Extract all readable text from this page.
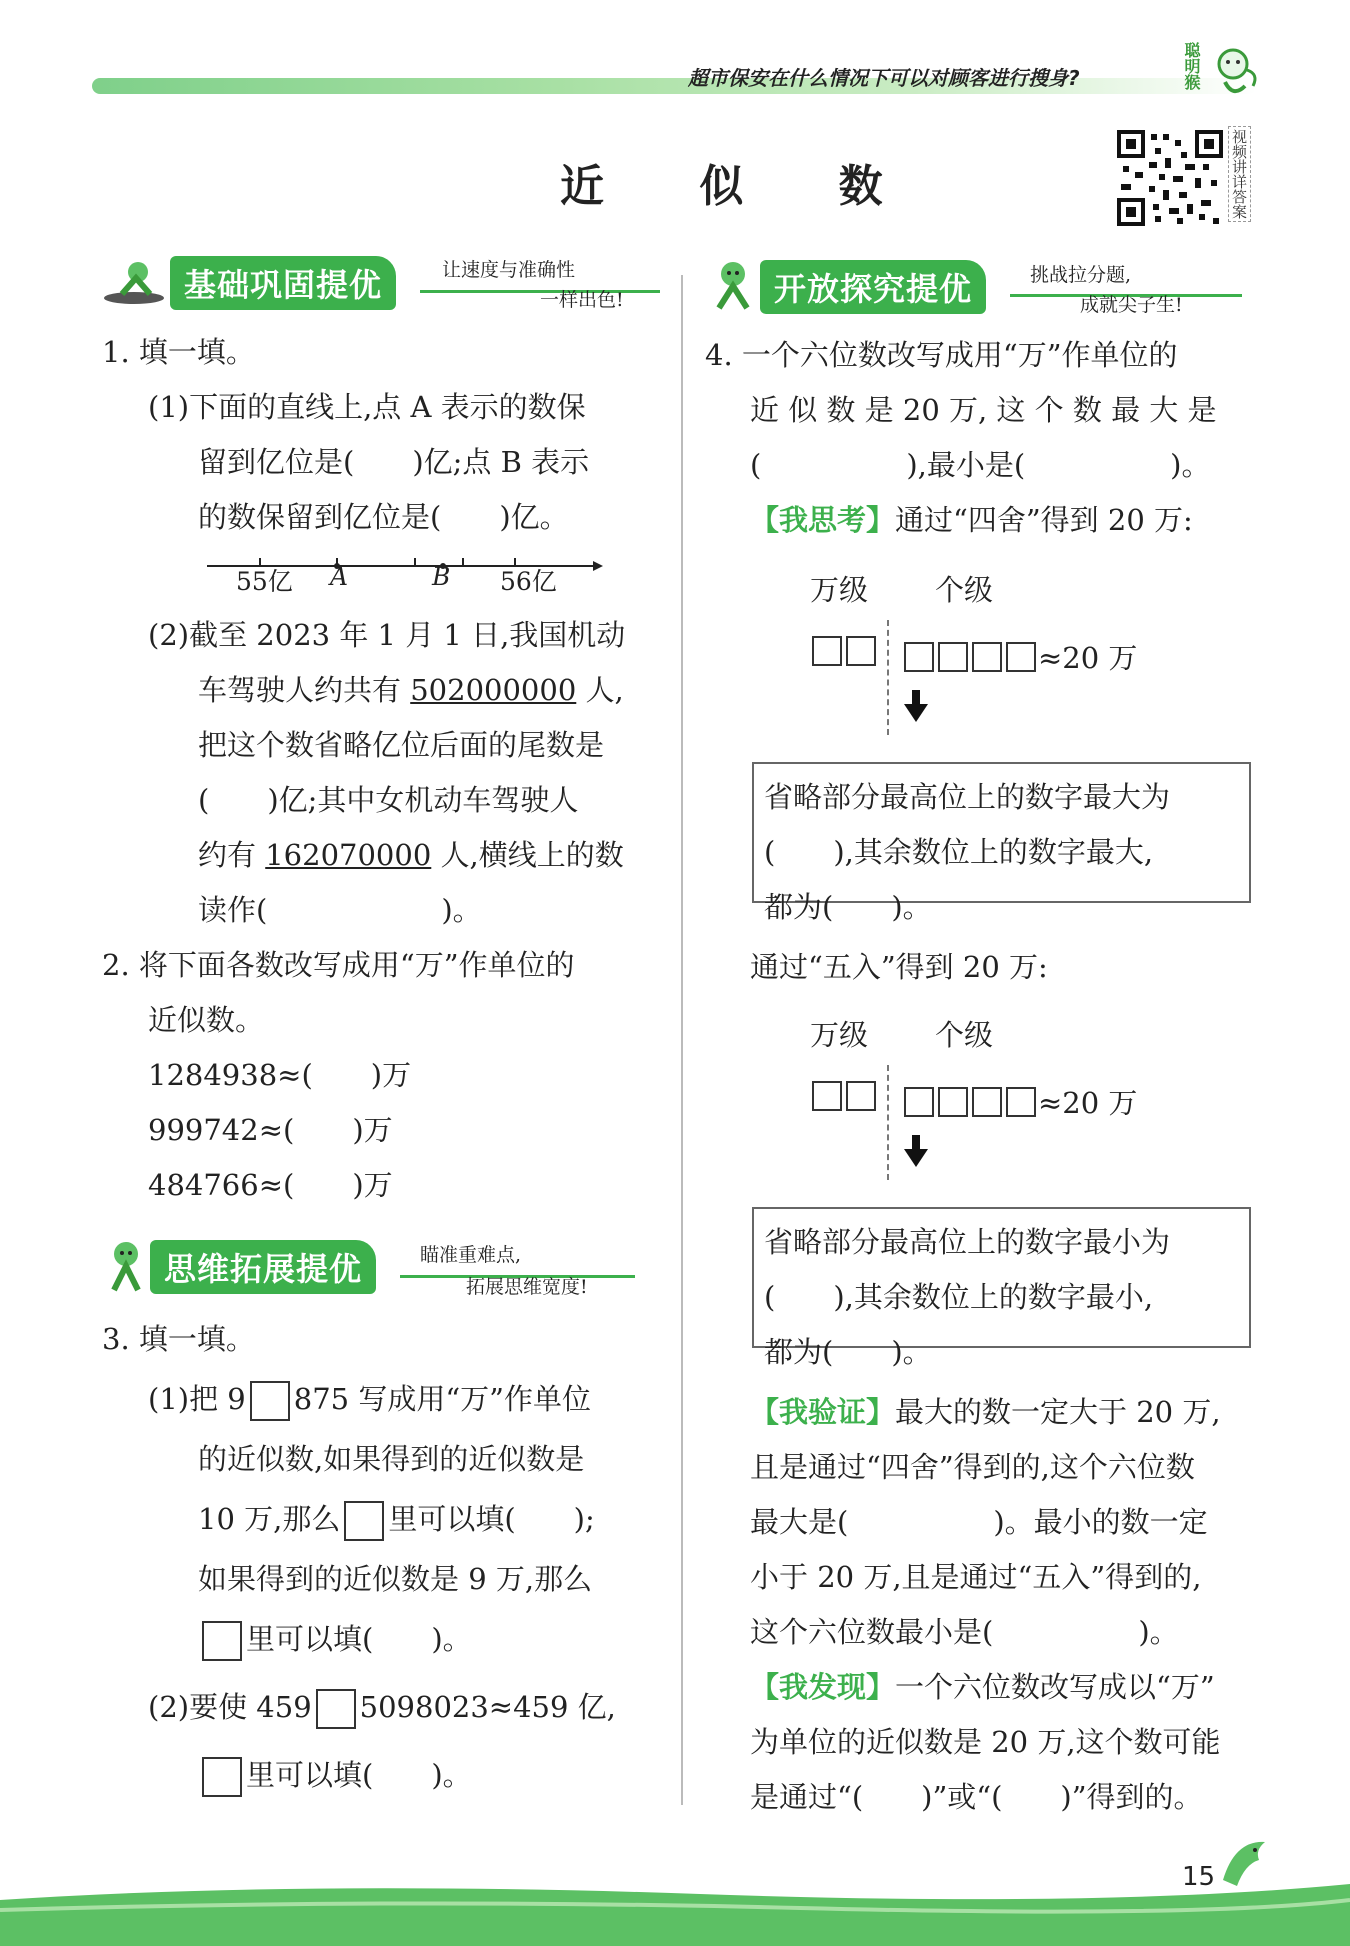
超市保安在什么情况下可以对顾客进行搜身?	聪明猴
近 似 数	视频讲详答案
基础巩固提优	让速度与准确性
一样出色!
1. 填一填。
(1)下面的直线上,点 A 表示的数保
留到亿位是(　　)亿;点 B 表示
的数保留到亿位是(　　)亿。
55亿 A	B 56亿
(2)截至 2023 年 1 月 1 日,我国机动
车驾驶人约共有 502000000 人,
把这个数省略亿位后面的尾数是
(　　)亿;其中女机动车驾驶人
约有 162070000 人,横线上的数
读作(　　　　　　)。
2. 将下面各数改写成用“万”作单位的
近似数。
1284938≈(　　)万
999742≈(　　)万
484766≈(　　)万
思维拓展提优	瞄准重难点,
拓展思维宽度!
3. 填一填。
(1)把 9 875 写成用“万”作单位
的近似数,如果得到的近似数是
10 万,那么 里可以填(　　);
如果得到的近似数是 9 万,那么
里可以填(　　)。
(2)要使 459 5098023≈459 亿,
里可以填(　　)。
开放探究提优	挑战拉分题,
成就尖子生!
4. 一个六位数改写成用“万”作单位的
近 似 数 是 20 万, 这 个 数 最 大 是
(　　　　　),最小是(　　　　　)。
【我思考】通过“四舍”得到 20 万:
万级 个级
≈20 万
省略部分最高位上的数字最大为
(　　),其余数位上的数字最大,
都为(　　)。
通过“五入”得到 20 万:
万级 个级
≈20 万
省略部分最高位上的数字最小为
(　　),其余数位上的数字最小,
都为(　　)。
【我验证】最大的数一定大于 20 万,
且是通过“四舍”得到的,这个六位数
最大是(　　　　　)。最小的数一定
小于 20 万,且是通过“五入”得到的,
这个六位数最小是(　　　　　)。
【我发现】一个六位数改写成以“万”
为单位的近似数是 20 万,这个数可能
是通过“(　　)”或“(　　)”得到的。
15
